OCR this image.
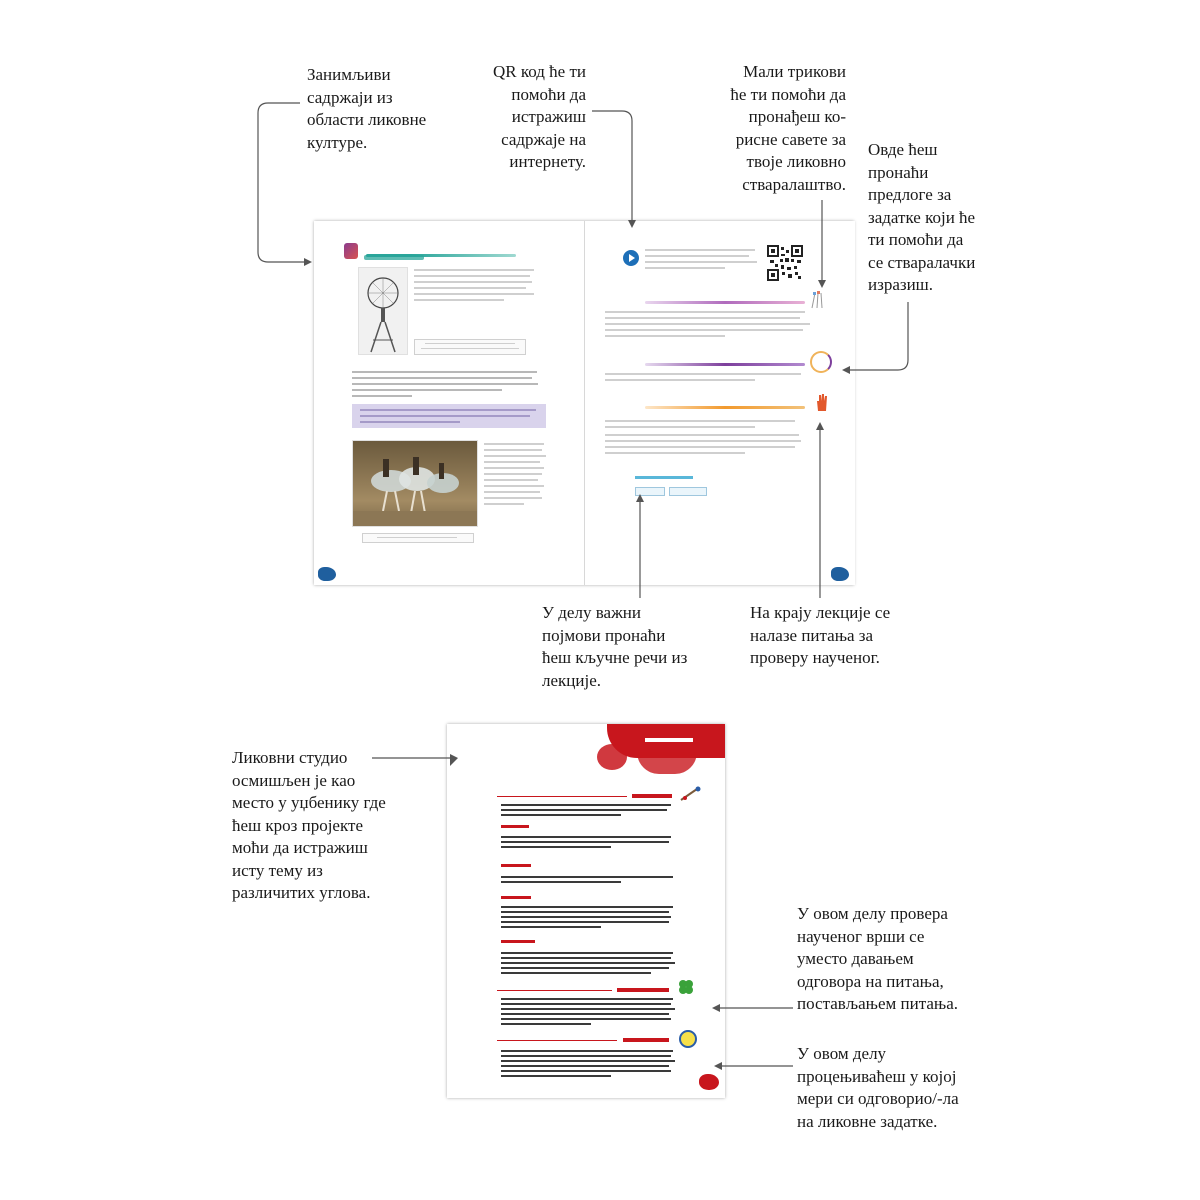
Занимљиви
садржаји из
области ликовне
културе.
QR код ће ти
помоћи да
истражиш
садржаје на
интернету.
Мали трикови
ће ти помоћи да
пронађеш ко-
рисне савете за
твоје ликовно
стваралаштво.
Овде ћеш
пронаћи
предлоге за
задатке који ће
ти помоћи да
се стваралачки
изразиш.
У делу важни
појмови пронаћи
ћеш кључне речи из
лекције.
На крају лекције се
налазе питања за
проверу наученог.
Ликовни студио
осмишљен је као
место у уџбенику где
ћеш кроз пројекте
моћи да истражиш
исту тему из
различитих углова.
У овом делу провера
наученог врши се
уместо давањем
одговора на питања,
постављањем питања.
У овом делу
процењиваћеш у којој
мери си одговорио/-ла
на ликовне задатке.
